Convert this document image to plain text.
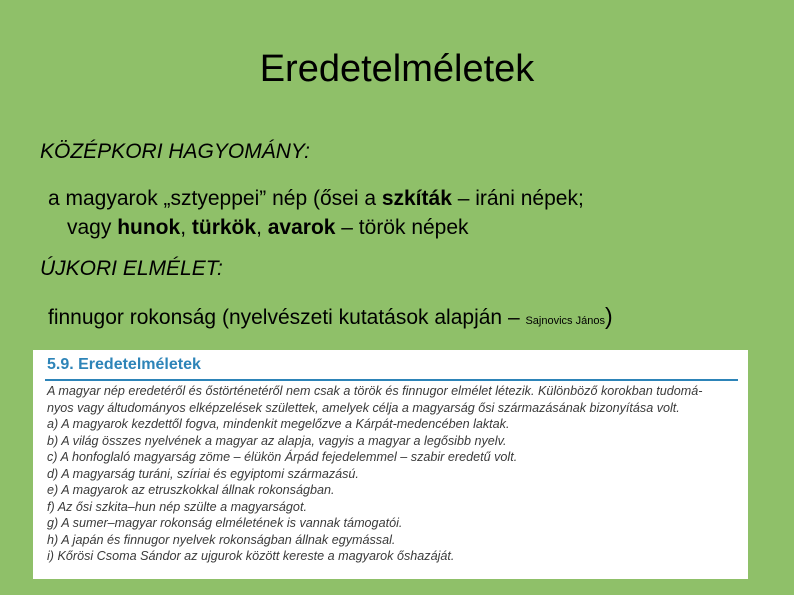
Eredetelméletek
KÖZÉPKORI HAGYOMÁNY:
a magyarok „sztyeppei” nép (ősei a szkíták – iráni népek;
vagy hunok, türkök, avarok – török népek
ÚJKORI ELMÉLET:
finnugor rokonság (nyelvészeti kutatások alapján – Sajnovics János)
5.9. Eredetelméletek
A magyar nép eredetéről és őstörténetéről nem csak a török és finnugor elmélet létezik. Különböző korokban tudomá-
nyos vagy áltudományos elképzelések születtek, amelyek célja a magyarság ősi származásának bizonyítása volt.
a) A magyarok kezdettől fogva, mindenkit megelőzve a Kárpát-medencében laktak.
b) A világ összes nyelvének a magyar az alapja, vagyis a magyar a legősibb nyelv.
c) A honfoglaló magyarság zöme – élükön Árpád fejedelemmel – szabir eredetű volt.
d) A magyarság turáni, szíriai és egyiptomi származású.
e) A magyarok az etruszkokkal állnak rokonságban.
f) Az ősi szkita–hun nép szülte a magyarságot.
g) A sumer–magyar rokonság elméletének is vannak támogatói.
h) A japán és finnugor nyelvek rokonságban állnak egymással.
i) Kőrösi Csoma Sándor az ujgurok között kereste a magyarok őshazáját.
